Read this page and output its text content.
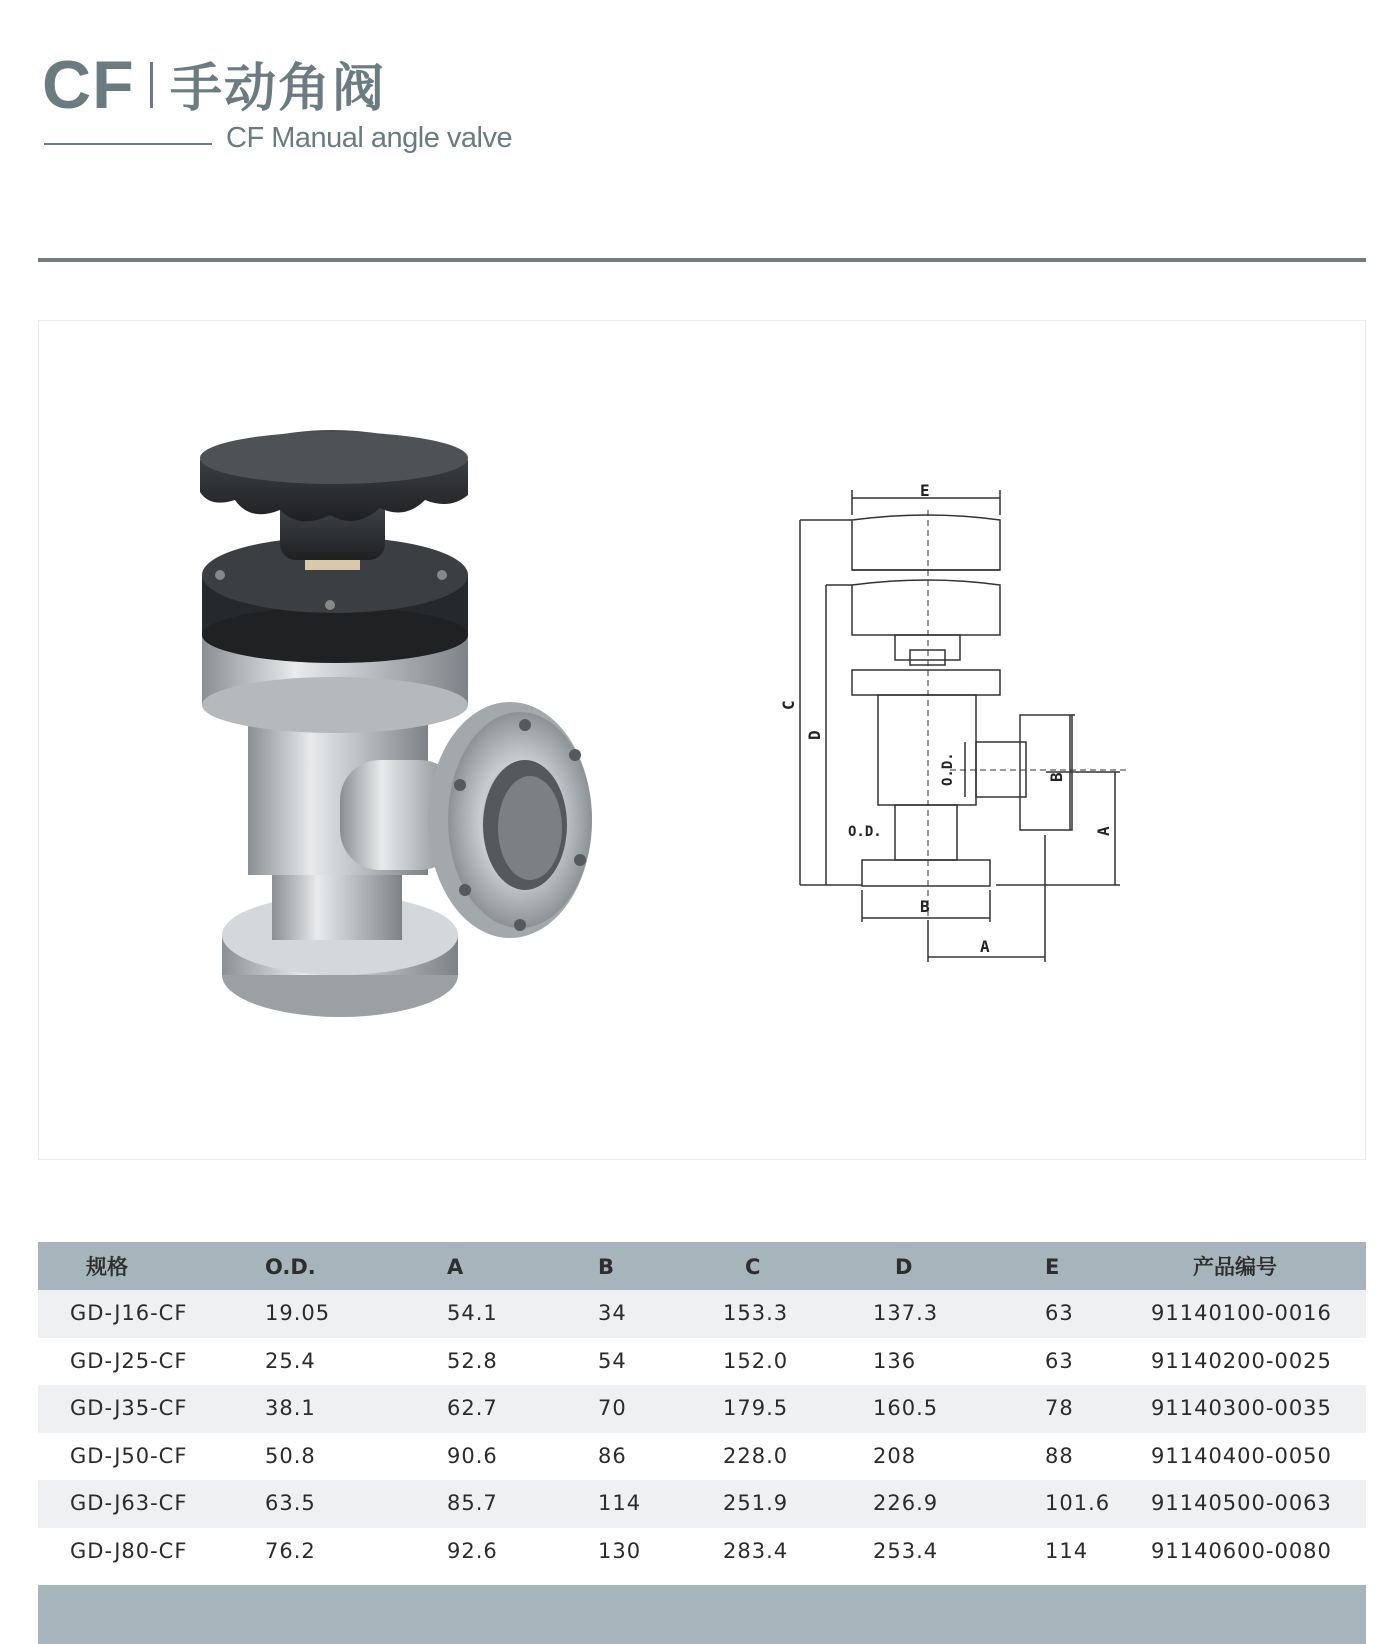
CF 手动角阀
CF Manual angle valve
E
C
D
O.D.	B
A
O.D.
B
A
规格	O.D.	A	B	C	D	E	产品编号
GD-J16-CF	19.05	54.1	34	153.3	137.3	63	91140100-0016
GD-J25-CF	25.4	52.8	54	152.0	136	63	91140200-0025
GD-J35-CF	38.1	62.7	70	179.5	160.5	78	91140300-0035
GD-J50-CF	50.8	90.6	86	228.0	208	88	91140400-0050
GD-J63-CF	63.5	85.7	114	251.9	226.9	101.6 91140500-0063
GD-J80-CF	76.2	92.6	130	283.4	253.4	114	91140600-0080
